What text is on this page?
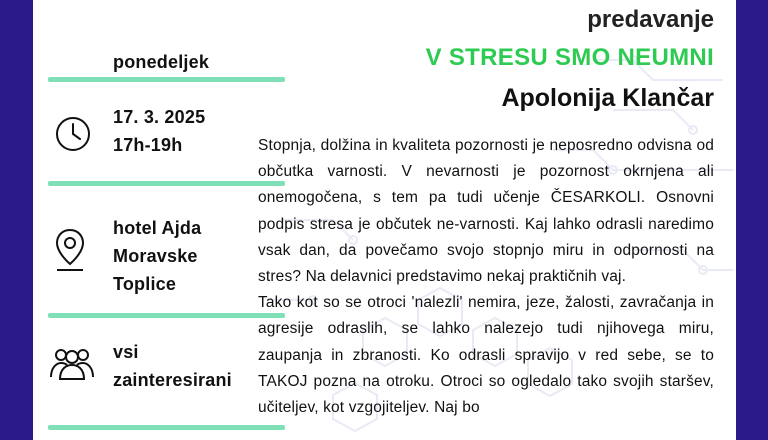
ponedeljek
17. 3. 2025
17h-19h
hotel Ajda
Moravske
Toplice
vsi
zainteresirani
predavanje
V STRESU SMO NEUMNI
Apolonija Klančar

Stopnja, dolžina in kvaliteta pozornosti je neposredno odvisna od občutka varnosti. V nevarnosti je pozornost okrnjena ali onemogočena, s tem pa tudi učenje ČESARKOLI. Osnovni podpis stresa je občutek ne-varnosti. Kaj lahko odrasli naredimo vsak dan, da povečamo svojo stopnjo miru in odpornosti na stres? Na delavnici predstavimo nekaj praktičnih vaj.

Tako kot so se otroci 'nalezli' nemira, jeze, žalosti, zavračanja in agresije odraslih, se lahko nalezejo tudi njihovega miru, zaupanja in zbranosti. Ko odrasli spravijo v red sebe, se to TAKOJ pozna na otroku. Otroci so ogledalo tako svojih staršev, učiteljev, kot vzgojiteljev. Naj bo
